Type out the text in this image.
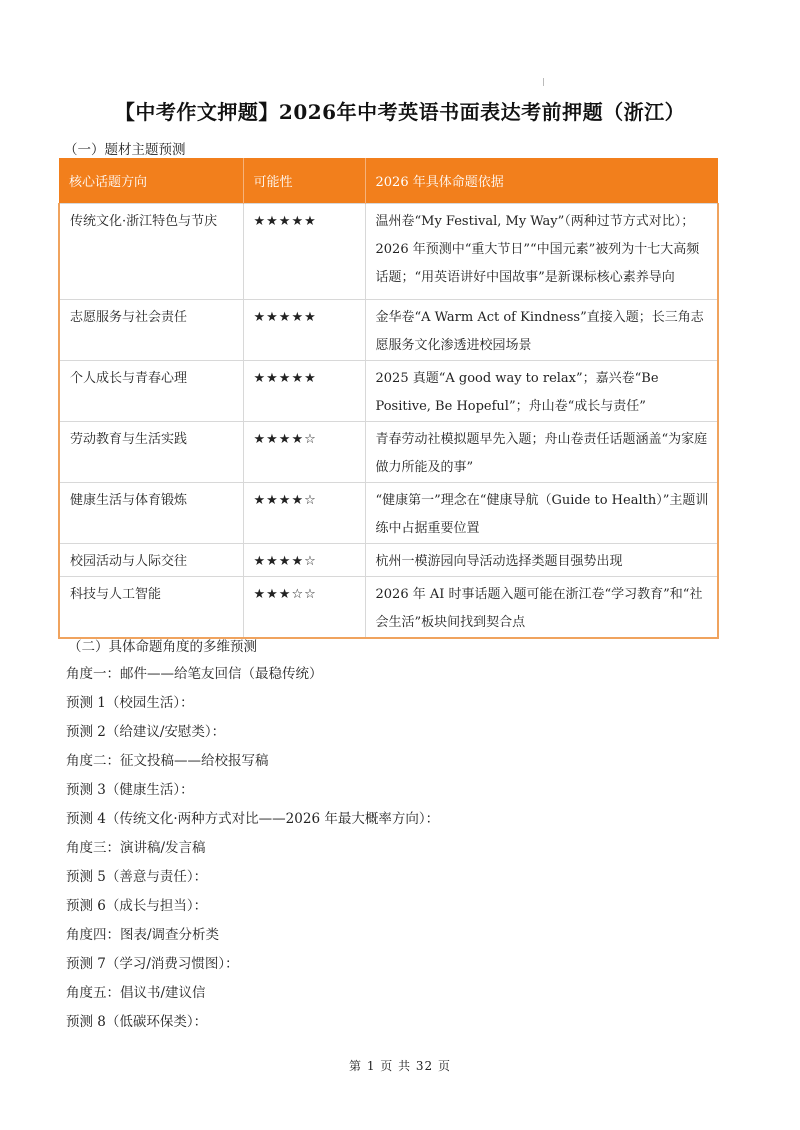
【中考作文押题】2026年中考英语书面表达考前押题（浙江）
（一）题材主题预测
核心话题方向	可能性	2026 年具体命题依据
传统文化·浙江特色与节庆	★★★★★	温州卷“My Festival, My Way”（两种过节方式对比）；2026 年预测中“重大节日”“中国元素”被列为十七大高频话题；“用英语讲好中国故事”是新课标核心素养导向
志愿服务与社会责任	★★★★★	金华卷“A Warm Act of Kindness”直接入题；长三角志愿服务文化渗透进校园场景
个人成长与青春心理	★★★★★	2025 真题“A good way to relax”；嘉兴卷“Be Positive, Be Hopeful”；舟山卷“成长与责任”
劳动教育与生活实践	★★★★☆	青春劳动社模拟题早先入题；舟山卷责任话题涵盖“为家庭做力所能及的事”
健康生活与体育锻炼	★★★★☆	“健康第一”理念在“健康导航（Guide to Health）”主题训练中占据重要位置
校园活动与人际交往	★★★★☆	杭州一模游园向导活动选择类题目强势出现
科技与人工智能	★★★☆☆	2026 年 AI 时事话题入题可能在浙江卷“学习教育”和“社会生活”板块间找到契合点
（二）具体命题角度的多维预测
角度一：邮件——给笔友回信（最稳传统）
预测 1（校园生活）：
预测 2（给建议/安慰类）：
角度二：征文投稿——给校报写稿
预测 3（健康生活）：
预测 4（传统文化·两种方式对比——2026 年最大概率方向）：
角度三：演讲稿/发言稿
预测 5（善意与责任）：
预测 6（成长与担当）：
角度四：图表/调查分析类
预测 7（学习/消费习惯图）：
角度五：倡议书/建议信
预测 8（低碳环保类）：
第 1 页 共 32 页
